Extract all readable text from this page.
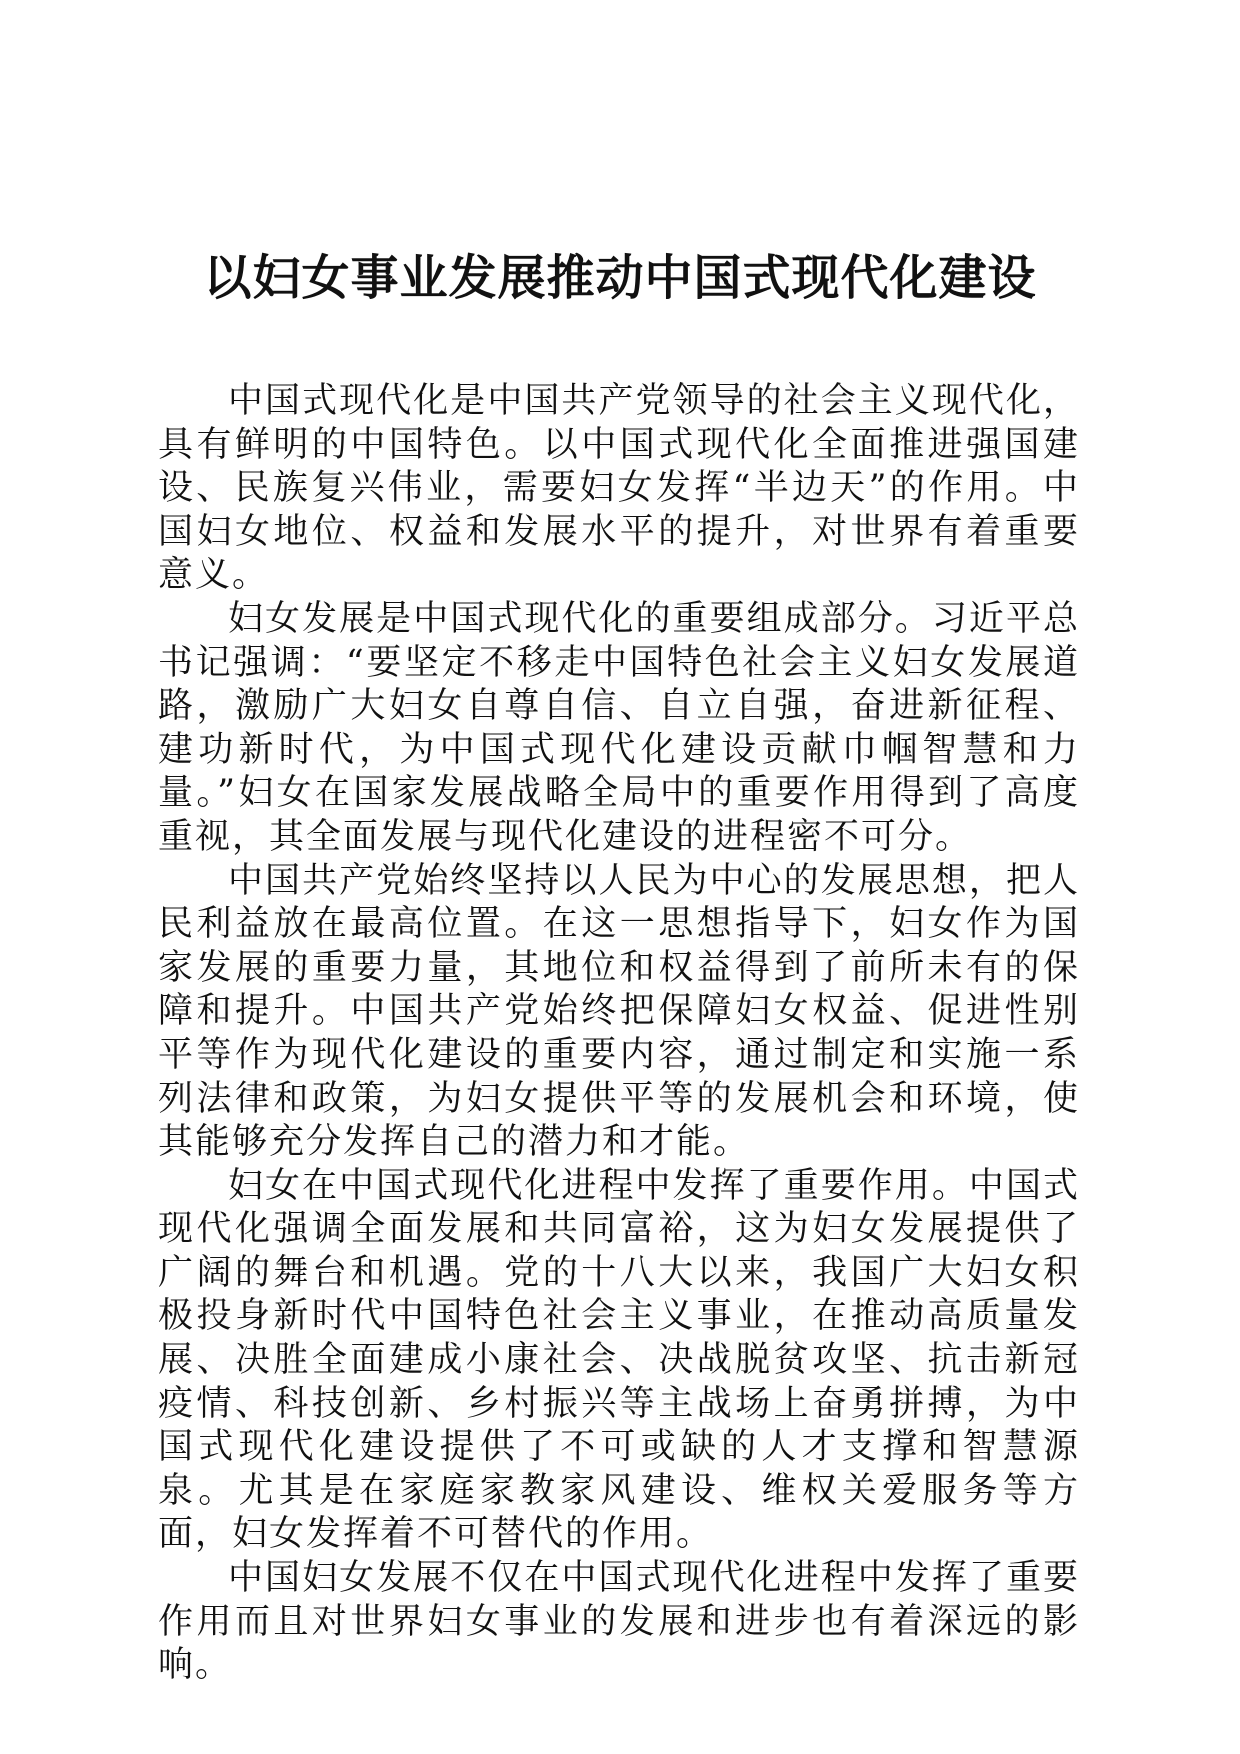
以妇女事业发展推动中国式现代化建设

中国式现代化是中国共产党领导的社会主义现代化，具有鲜明的中国特色。以中国式现代化全面推进强国建设、民族复兴伟业，需要妇女发挥“半边天”的作用。中国妇女地位、权益和发展水平的提升，对世界有着重要意义。

妇女发展是中国式现代化的重要组成部分。习近平总书记强调：“要坚定不移走中国特色社会主义妇女发展道路，激励广大妇女自尊自信、自立自强，奋进新征程、建功新时代，为中国式现代化建设贡献巾帼智慧和力量。”妇女在国家发展战略全局中的重要作用得到了高度重视，其全面发展与现代化建设的进程密不可分。

中国共产党始终坚持以人民为中心的发展思想，把人民利益放在最高位置。在这一思想指导下，妇女作为国家发展的重要力量，其地位和权益得到了前所未有的保障和提升。中国共产党始终把保障妇女权益、促进性别平等作为现代化建设的重要内容，通过制定和实施一系列法律和政策，为妇女提供平等的发展机会和环境，使其能够充分发挥自己的潜力和才能。

妇女在中国式现代化进程中发挥了重要作用。中国式现代化强调全面发展和共同富裕，这为妇女发展提供了广阔的舞台和机遇。党的十八大以来，我国广大妇女积极投身新时代中国特色社会主义事业，在推动高质量发展、决胜全面建成小康社会、决战脱贫攻坚、抗击新冠疫情、科技创新、乡村振兴等主战场上奋勇拼搏，为中国式现代化建设提供了不可或缺的人才支撑和智慧源泉。尤其是在家庭家教家风建设、维权关爱服务等方面，妇女发挥着不可替代的作用。

中国妇女发展不仅在中国式现代化进程中发挥了重要作用而且对世界妇女事业的发展和进步也有着深远的影响。
